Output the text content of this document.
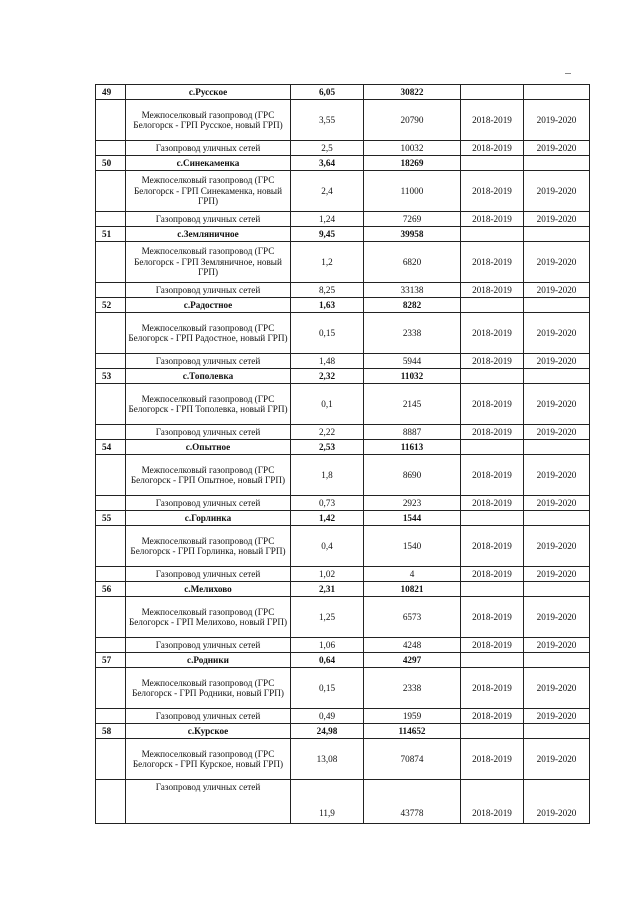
49	с.Русское	6,05	30822		
	Межпоселковый газопровод (ГРС Белогорск - ГРП Русское, новый ГРП)	3,55	20790	2018-2019	2019-2020
	Газопровод уличных сетей	2,5	10032	2018-2019	2019-2020
50	с.Синекаменка	3,64	18269		
	Межпоселковый газопровод (ГРС Белогорск - ГРП Синекаменка, новый ГРП)	2,4	11000	2018-2019	2019-2020
	Газопровод уличных сетей	1,24	7269	2018-2019	2019-2020
51	с.Земляничное	9,45	39958		
	Межпоселковый газопровод (ГРС Белогорск - ГРП Земляничное, новый ГРП)	1,2	6820	2018-2019	2019-2020
	Газопровод уличных сетей	8,25	33138	2018-2019	2019-2020
52	с.Радостное	1,63	8282		
	Межпоселковый газопровод (ГРС Белогорск - ГРП Радостное, новый ГРП)	0,15	2338	2018-2019	2019-2020
	Газопровод уличных сетей	1,48	5944	2018-2019	2019-2020
53	с.Тополевка	2,32	11032		
	Межпоселковый газопровод (ГРС Белогорск - ГРП Тополевка, новый ГРП)	0,1	2145	2018-2019	2019-2020
	Газопровод уличных сетей	2,22	8887	2018-2019	2019-2020
54	с.Опытное	2,53	11613		
	Межпоселковый газопровод (ГРС Белогорск - ГРП Опытное, новый ГРП)	1,8	8690	2018-2019	2019-2020
	Газопровод уличных сетей	0,73	2923	2018-2019	2019-2020
55	с.Горлинка	1,42	1544		
	Межпоселковый газопровод (ГРС Белогорск - ГРП Горлинка, новый ГРП)	0,4	1540	2018-2019	2019-2020
	Газопровод уличных сетей	1,02	4	2018-2019	2019-2020
56	с.Мелихово	2,31	10821		
	Межпоселковый газопровод (ГРС Белогорск - ГРП Мелихово, новый ГРП)	1,25	6573	2018-2019	2019-2020
	Газопровод уличных сетей	1,06	4248	2018-2019	2019-2020
57	с.Родники	0,64	4297		
	Межпоселковый газопровод (ГРС Белогорск - ГРП Родники, новый ГРП)	0,15	2338	2018-2019	2019-2020
	Газопровод уличных сетей	0,49	1959	2018-2019	2019-2020
58	с.Курское	24,98	114652		
	Межпоселковый газопровод (ГРС Белогорск - ГРП Курское, новый ГРП)	13,08	70874	2018-2019	2019-2020
	Газопровод уличных сетей	11,9	43778	2018-2019	2019-2020
